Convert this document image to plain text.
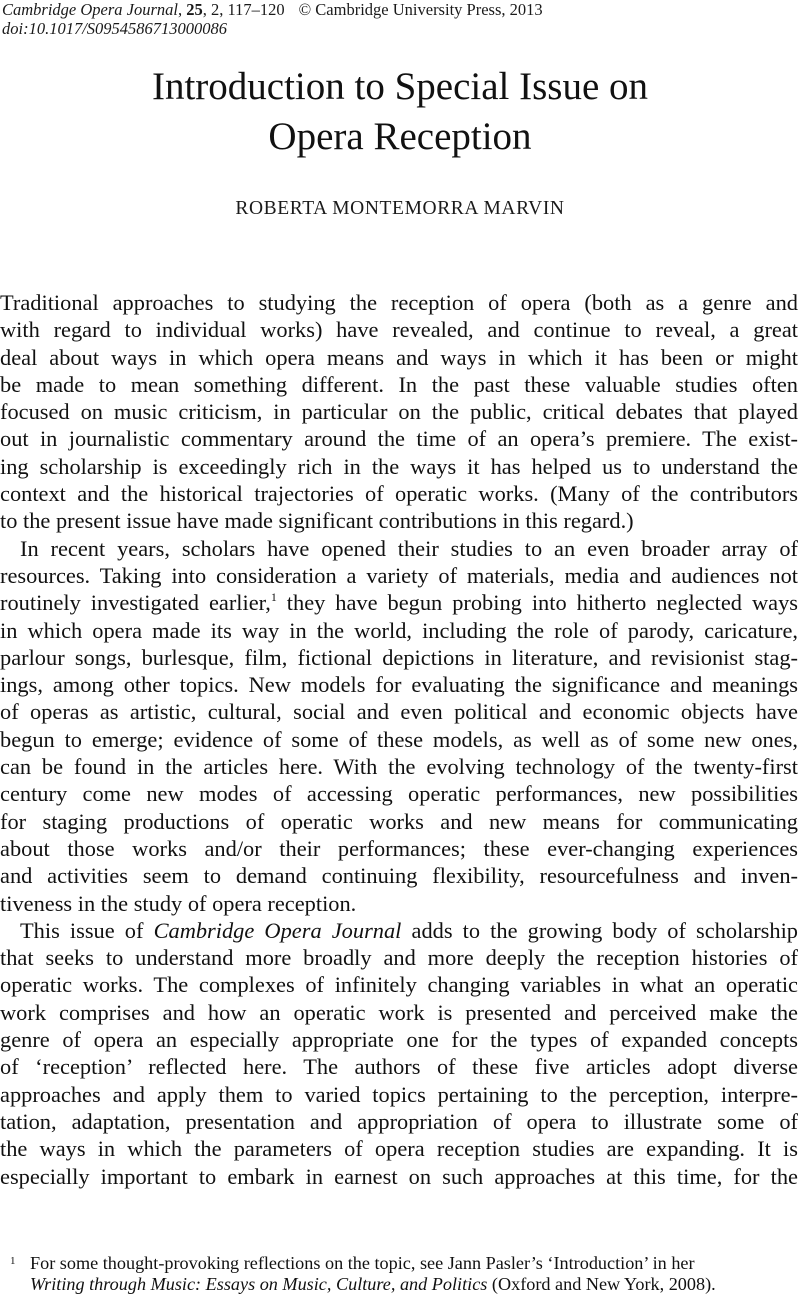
Cambridge Opera Journal, 25, 2, 117–120 © Cambridge University Press, 2013
doi:10.1017/S0954586713000086
Introduction to Special Issue on
Opera Reception
ROBERTA MONTEMORRA MARVIN
Traditional approaches to studying the reception of opera (both as a genre and
with regard to individual works) have revealed, and continue to reveal, a great
deal about ways in which opera means and ways in which it has been or might
be made to mean something different. In the past these valuable studies often
focused on music criticism, in particular on the public, critical debates that played
out in journalistic commentary around the time of an opera’s premiere. The exist-
ing scholarship is exceedingly rich in the ways it has helped us to understand the
context and the historical trajectories of operatic works. (Many of the contributors
to the present issue have made significant contributions in this regard.)
In recent years, scholars have opened their studies to an even broader array of
resources. Taking into consideration a variety of materials, media and audiences not
routinely investigated earlier,$^1$ they have begun probing into hitherto neglected ways
in which opera made its way in the world, including the role of parody, caricature,
parlour songs, burlesque, film, fictional depictions in literature, and revisionist stag-
ings, among other topics. New models for evaluating the significance and meanings
of operas as artistic, cultural, social and even political and economic objects have
begun to emerge; evidence of some of these models, as well as of some new ones,
can be found in the articles here. With the evolving technology of the twenty-first
century come new modes of accessing operatic performances, new possibilities
for staging productions of operatic works and new means for communicating
about those works and/or their performances; these ever-changing experiences
and activities seem to demand continuing flexibility, resourcefulness and inven-
tiveness in the study of opera reception.
This issue of Cambridge Opera Journal adds to the growing body of scholarship
that seeks to understand more broadly and more deeply the reception histories of
operatic works. The complexes of infinitely changing variables in what an operatic
work comprises and how an operatic work is presented and perceived make the
genre of opera an especially appropriate one for the types of expanded concepts
of ‘reception’ reflected here. The authors of these five articles adopt diverse
approaches and apply them to varied topics pertaining to the perception, interpre-
tation, adaptation, presentation and appropriation of opera to illustrate some of
the ways in which the parameters of opera reception studies are expanding. It is
especially important to embark in earnest on such approaches at this time, for the
1 For some thought-provoking reflections on the topic, see Jann Pasler’s ‘Introduction’ in her
Writing through Music: Essays on Music, Culture, and Politics (Oxford and New York, 2008).
